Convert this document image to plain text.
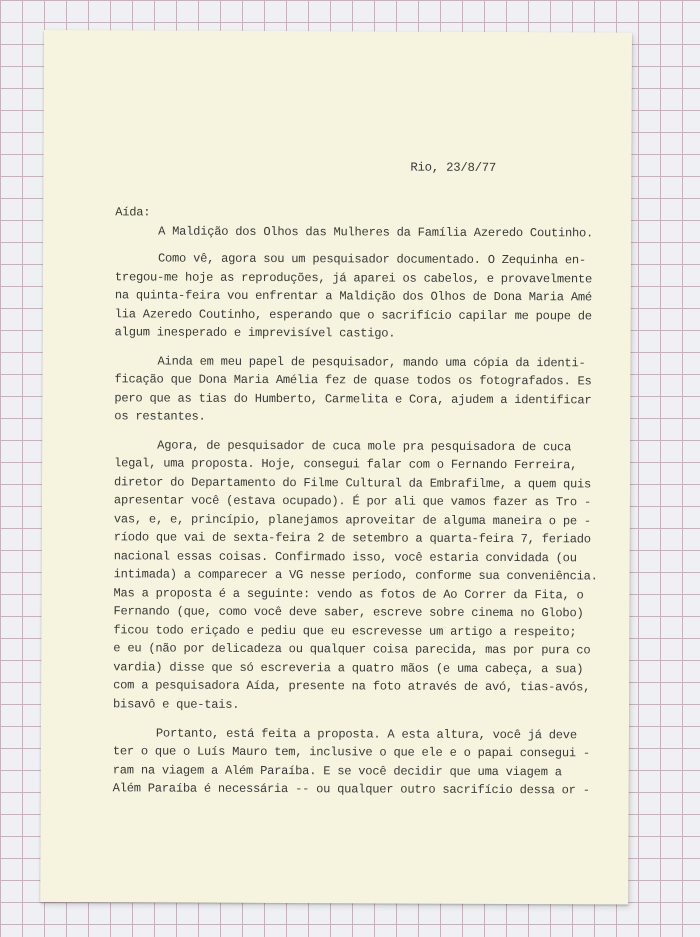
Rio, 23/8/77

Aída:

A Maldição dos Olhos das Mulheres da Família Azeredo Coutinho.

Como vê, agora sou um pesquisador documentado. O Zequinha en-

tregou-me hoje as reproduções, já aparei os cabelos, e provavelmente

na quinta-feira vou enfrentar a Maldição dos Olhos de Dona Maria Amé

lia Azeredo Coutinho, esperando que o sacrifício capilar me poupe de

algum inesperado e imprevisível castigo.

Ainda em meu papel de pesquisador, mando uma cópia da identi-

ficação que Dona Maria Amélia fez de quase todos os fotografados. Es

pero que as tias do Humberto, Carmelita e Cora, ajudem a identificar

os restantes.

Agora, de pesquisador de cuca mole pra pesquisadora de cuca

legal, uma proposta. Hoje, consegui falar com o Fernando Ferreira,

diretor do Departamento do Filme Cultural da Embrafilme, a quem quis

apresentar você (estava ocupado). É por ali que vamos fazer as Tro -

vas, e, e, princípio, planejamos aproveitar de alguma maneira o pe -

ríodo que vai de sexta-feira 2 de setembro a quarta-feira 7, feriado

nacional essas coisas. Confirmado isso, você estaria convidada (ou

intimada) a comparecer a VG nesse período, conforme sua conveniência.

Mas a proposta é a seguinte: vendo as fotos de Ao Correr da Fita, o

Fernando (que, como você deve saber, escreve sobre cinema no Globo)

ficou todo eriçado e pediu que eu escrevesse um artigo a respeito;

e eu (não por delicadeza ou qualquer coisa parecida, mas por pura co

vardia) disse que só escreveria a quatro mãos (e uma cabeça, a sua)

com a pesquisadora Aída, presente na foto através de avó, tias-avós,

bisavô e que-tais.

Portanto, está feita a proposta. A esta altura, você já deve

ter o que o Luís Mauro tem, inclusive o que ele e o papai consegui -

ram na viagem a Além Paraíba. E se você decidir que uma viagem a

Além Paraíba é necessária -- ou qualquer outro sacrifício dessa or -
